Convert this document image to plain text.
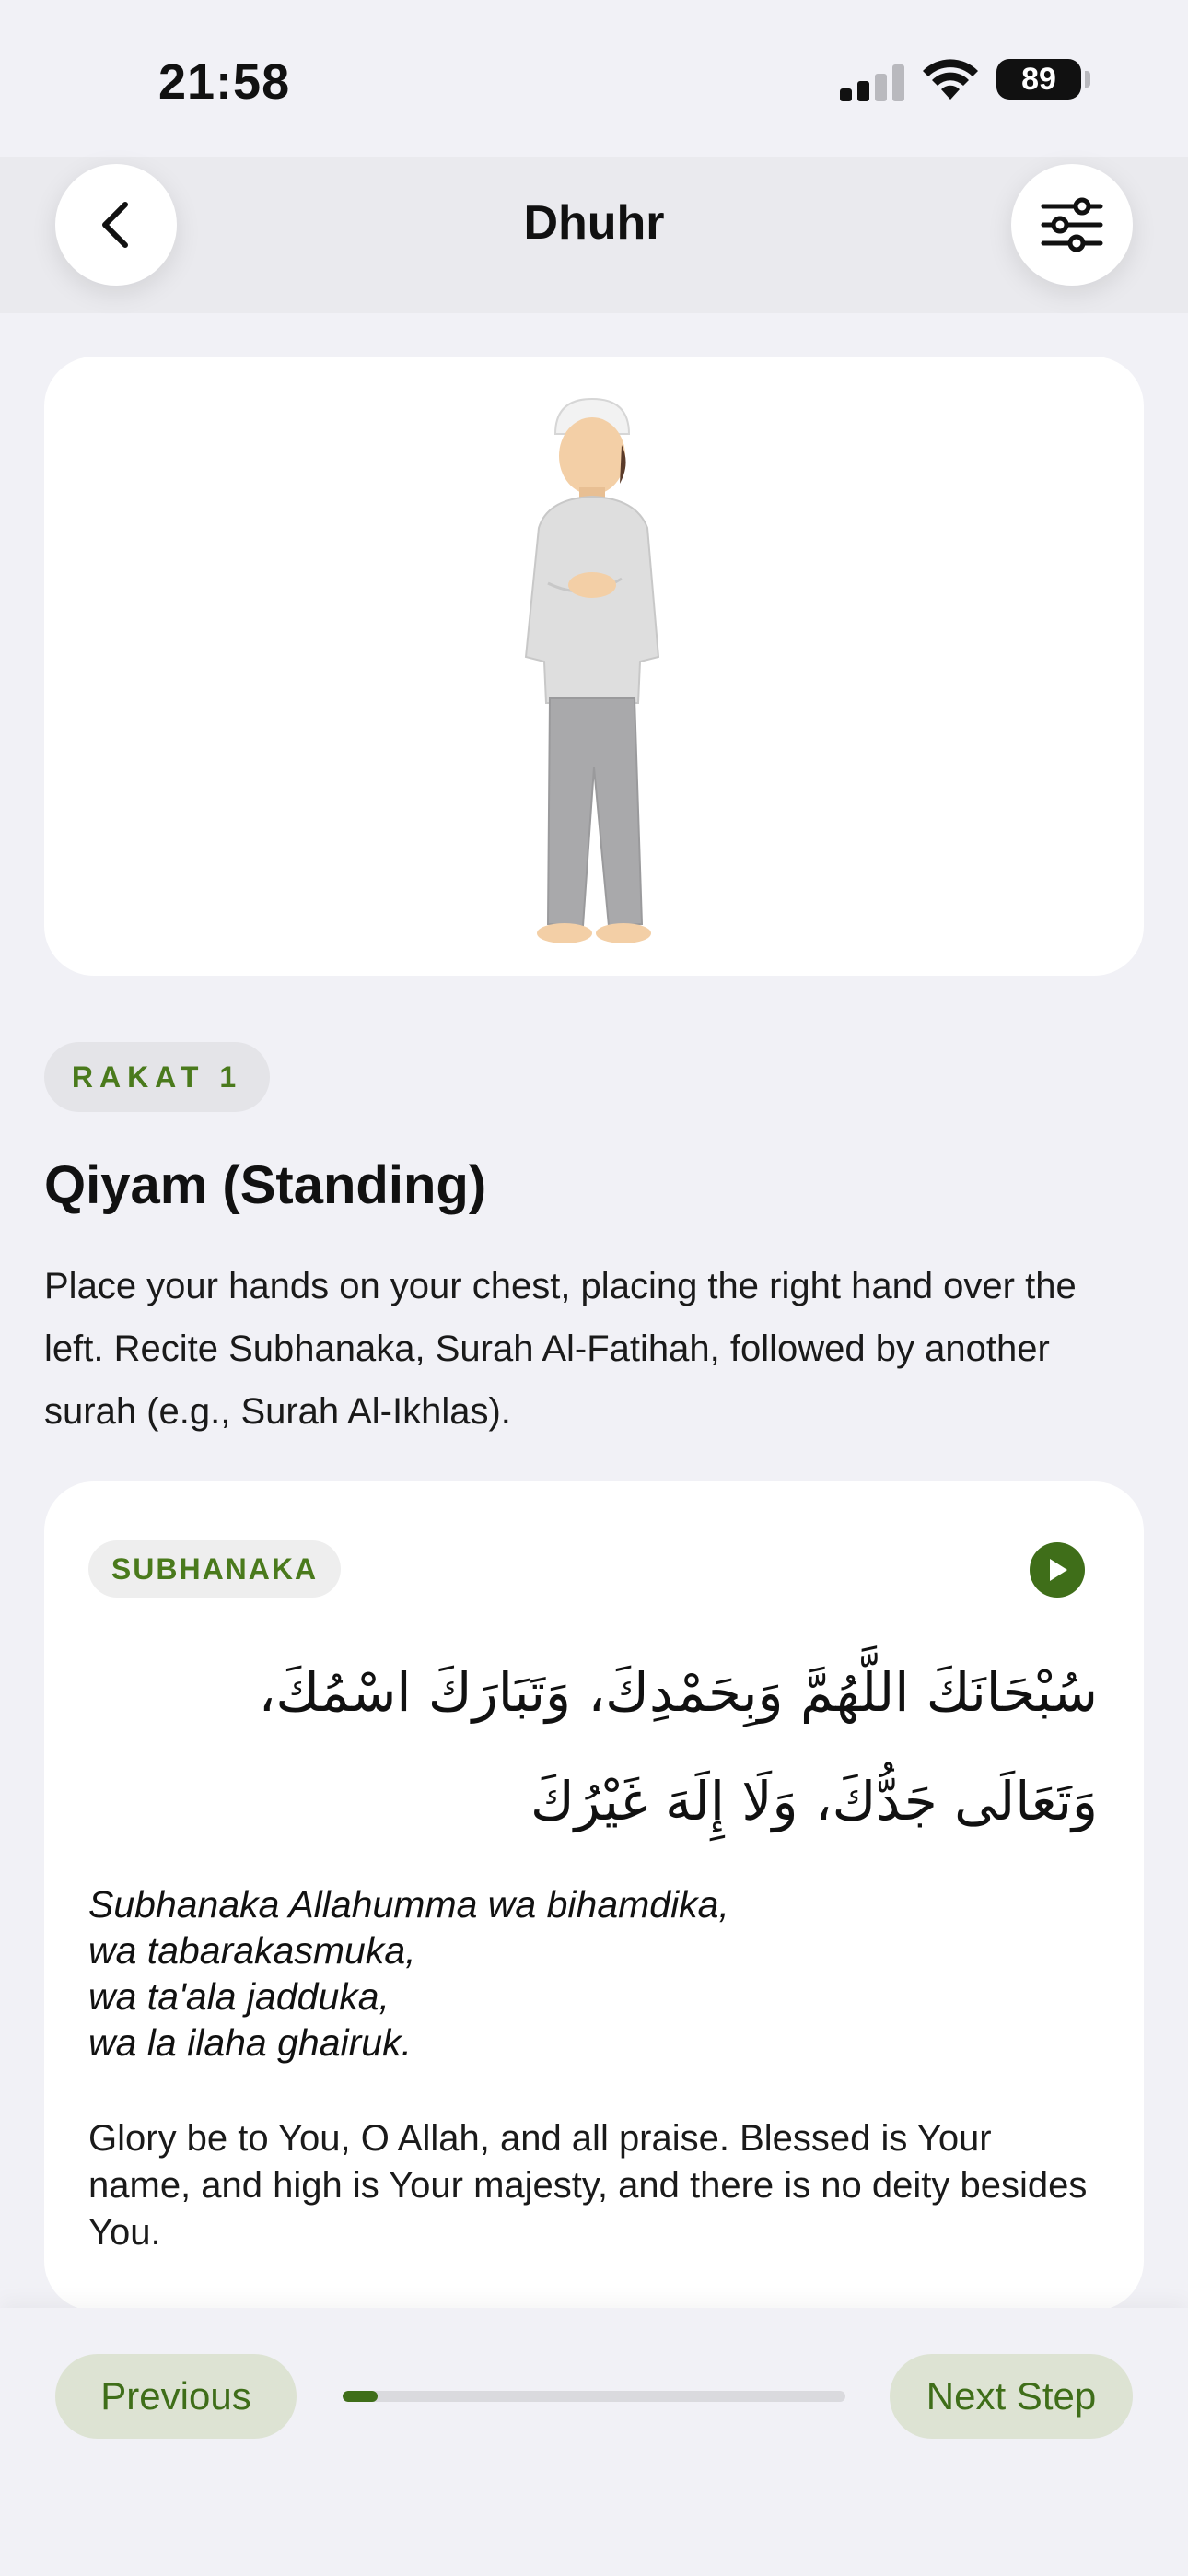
21:58	89
Dhuhr
RAKAT 1
Qiyam (Standing)
Place your hands on your chest, placing the right hand over the left. Recite Subhanaka, Surah Al-Fatihah, followed by another surah (e.g., Surah Al-Ikhlas).
SUBHANAKA
سُبْحَانَكَ اللَّهُمَّ وَبِحَمْدِكَ، وَتَبَارَكَ اسْمُكَ، وَتَعَالَى جَدُّكَ، وَلَا إِلَهَ غَيْرُكَ
Subhanaka Allahumma wa bihamdika,
wa tabarakasmuka,
wa ta'ala jadduka,
wa la ilaha ghairuk.
Glory be to You, O Allah, and all praise. Blessed is Your name, and high is Your majesty, and there is no deity besides You.
Previous	Next Step
